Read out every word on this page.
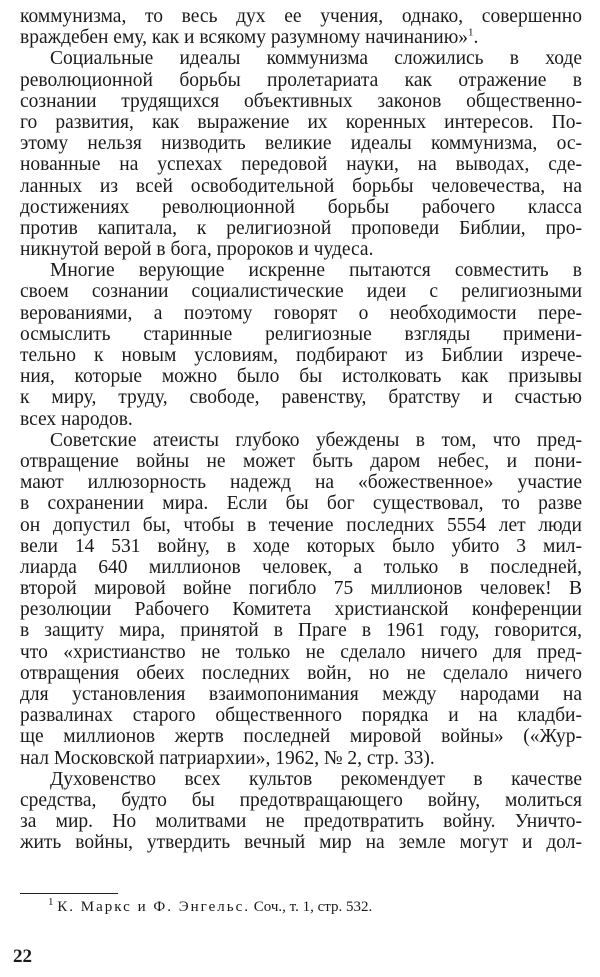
коммунизма, то весь дух ее учения, однако, совершенно
враждебен ему, как и всякому разумному начинанию»$^1$.
Социальные идеалы коммунизма сложились в ходе
революционной борьбы пролетариата как отражение в
сознании трудящихся объективных законов общественно-
го развития, как выражение их коренных интересов. По-
этому нельзя низводить великие идеалы коммунизма, ос-
нованные на успехах передовой науки, на выводах, сде-
ланных из всей освободительной борьбы человечества, на
достижениях революционной борьбы рабочего класса
против капитала, к религиозной проповеди Библии, про-
никнутой верой в бога, пророков и чудеса.
Многие верующие искренне пытаются совместить в
своем сознании социалистические идеи с религиозными
верованиями, а поэтому говорят о необходимости пере-
осмыслить старинные религиозные взгляды примени-
тельно к новым условиям, подбирают из Библии изрече-
ния, которые можно было бы истолковать как призывы
к миру, труду, свободе, равенству, братству и счастью
всех народов.
Советские атеисты глубоко убеждены в том, что пред-
отвращение войны не может быть даром небес, и пони-
мают иллюзорность надежд на «божественное» участие
в сохранении мира. Если бы бог существовал, то разве
он допустил бы, чтобы в течение последних 5554 лет люди
вели 14 531 войну, в ходе которых было убито 3 мил-
лиарда 640 миллионов человек, а только в последней,
второй мировой войне погибло 75 миллионов человек! В
резолюции Рабочего Комитета христианской конференции
в защиту мира, принятой в Праге в 1961 году, говорится,
что «христианство не только не сделало ничего для пред-
отвращения обеих последних войн, но не сделало ничего
для установления взаимопонимания между народами на
развалинах старого общественного порядка и на кладби-
ще миллионов жертв последней мировой войны» («Жур-
нал Московской патриархии», 1962, № 2, стр. 33).
Духовенство всех культов рекомендует в качестве
средства, будто бы предотвращающего войну, молиться
за мир. Но молитвами не предотвратить войну. Уничто-
жить войны, утвердить вечный мир на земле могут и дол-
$^1$ К. Маркс и Ф. Энгельс. Соч., т. 1, стр. 532.
22
